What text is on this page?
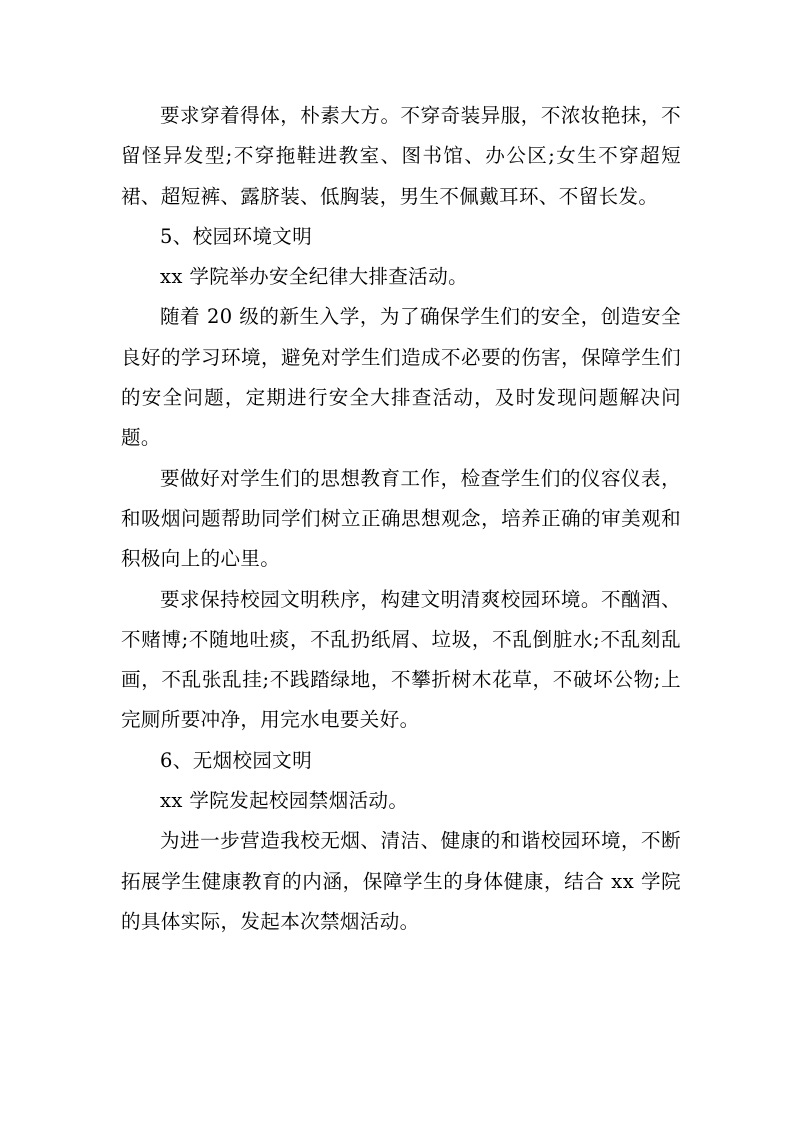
要求穿着得体，朴素大方。不穿奇装异服，不浓妆艳抹，不留怪异发型;不穿拖鞋进教室、图书馆、办公区;女生不穿超短裙、超短裤、露脐装、低胸装，男生不佩戴耳环、不留长发。

5、校园环境文明

xx 学院举办安全纪律大排查活动。

随着 20 级的新生入学，为了确保学生们的安全，创造安全良好的学习环境，避免对学生们造成不必要的伤害，保障学生们的安全问题，定期进行安全大排查活动，及时发现问题解决问题。

要做好对学生们的思想教育工作，检查学生们的仪容仪表，和吸烟问题帮助同学们树立正确思想观念，培养正确的审美观和积极向上的心里。

要求保持校园文明秩序，构建文明清爽校园环境。不酗酒、不赌博;不随地吐痰，不乱扔纸屑、垃圾，不乱倒脏水;不乱刻乱画，不乱张乱挂;不践踏绿地，不攀折树木花草，不破坏公物;上完厕所要冲净，用完水电要关好。

6、无烟校园文明

xx 学院发起校园禁烟活动。

为进一步营造我校无烟、清洁、健康的和谐校园环境，不断拓展学生健康教育的内涵，保障学生的身体健康，结合 xx 学院的具体实际，发起本次禁烟活动。
